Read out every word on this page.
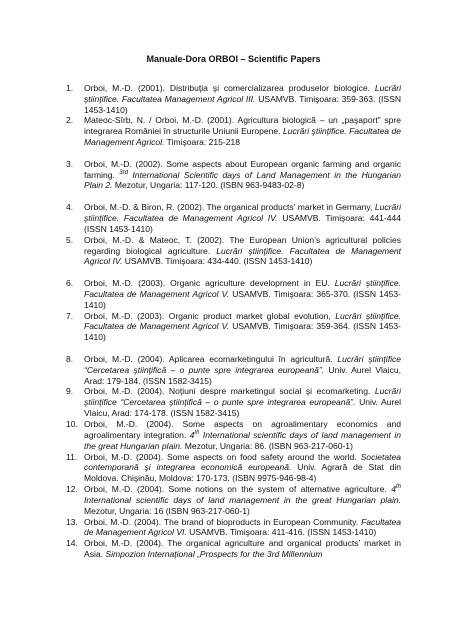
Manuale-Dora ORBOI – Scientific Papers
1.	Orboi, M.-D. (2001). Distribuţia şi comercializarea produselor biologice. Lucrări ştiinţifice. Facultatea Management Agricol III. USAMVB. Timişoara: 359-363. (ISSN 1453-1410)
2.	Mateoc-Sîrb, N. / Orboi, M.-D. (2001). Agricultura biologică – un „paşaport” spre integrarea României în structurile Uniunii Europene. Lucrări ştiinţifice. Facultatea de Management Agricol. Timişoara: 215-218
3.	Orboi, M.-D. (2002). Some aspects about European organic farming and organic farming. $^{3rd}$ International Scientific days of Land Management in the Hungarian Plain 2. Mezotur, Ungaria: 117-120. (ISBN 963-9483-02-8)
4.	Orboi, M.-D. & Biron, R. (2002). The organical products’ market in Germany, Lucrări ştiinţifice. Facultatea de Management Agricol IV. USAMVB. Timişoara: 441-444 (ISSN 1453-1410)
5.	Orboi, M.-D. & Mateoc, T. (2002). The European Union’s agricultural policies regarding biological agriculture. Lucrări ştiinţifice. Facultatea de Management Agricol IV. USAMVB. Timişoara: 434-440. (ISSN 1453-1410)
6.	Orboi, M.-D. (2003). Organic agriculture development in EU. Lucrări ştiinţifice. Facultatea de Management Agricol V. USAMVB. Timişoara: 365-370. (ISSN 1453-1410)
7.	Orboi, M.-D. (2003). Organic product market global evolution, Lucrări ştiinţifice. Facultatea de Management Agricol V. USAMVB. Timişoara: 359-364. (ISSN 1453-1410)
8.	Orboi, M.-D. (2004). Aplicarea ecomarketingului în agricultură. Lucrări ştiinţifice “Cercetarea ştiinţifică – o punte spre integrarea europeană”. Univ. Aurel Vlaicu, Arad: 179-184. (ISSN 1582-3415)
9.	Orboi, M.-D. (2004). Noţiuni despre marketingul social şi ecomarketing. Lucrări ştiinţifice “Cercetarea ştiinţifică – o punte spre integrarea europeană”. Univ. Aurel Vlaicu, Arad: 174-178. (ISSN 1582-3415)
10. Orboi, M.-D. (2004). Some aspects on agroalimentary economics and agroalimentary integration. 4th International scientific days of land management in the great Hungarian plain. Mezotur, Ungaria: 86. (ISBN 963-217-060-1)
11. Orboi, M.-D. (2004). Some aspects on food safety around the world. Societatea contemporană şi integrarea economică europeană. Univ. Agrară de Stat din Moldova. Chişinău, Moldova: 170-173. (ISBN 9975-946-98-4)
12. Orboi, M.-D. (2004). Some notions on the system of alternative agriculture. 4th International scientific days of land management in the great Hungarian plain. Mezotur, Ungaria: 16 (ISBN 963-217-060-1)
13. Orboi, M.-D. (2004). The brand of bioproducts in European Community. Facultatea de Management Agricol VI. USAMVB. Timişoara: 411-416. (ISSN 1453-1410)
14. Orboi, M.-D. (2004). The organical agriculture and organical products’ market in Asia. Simpozion Internaţional „Prospects for the 3rd Millennium
